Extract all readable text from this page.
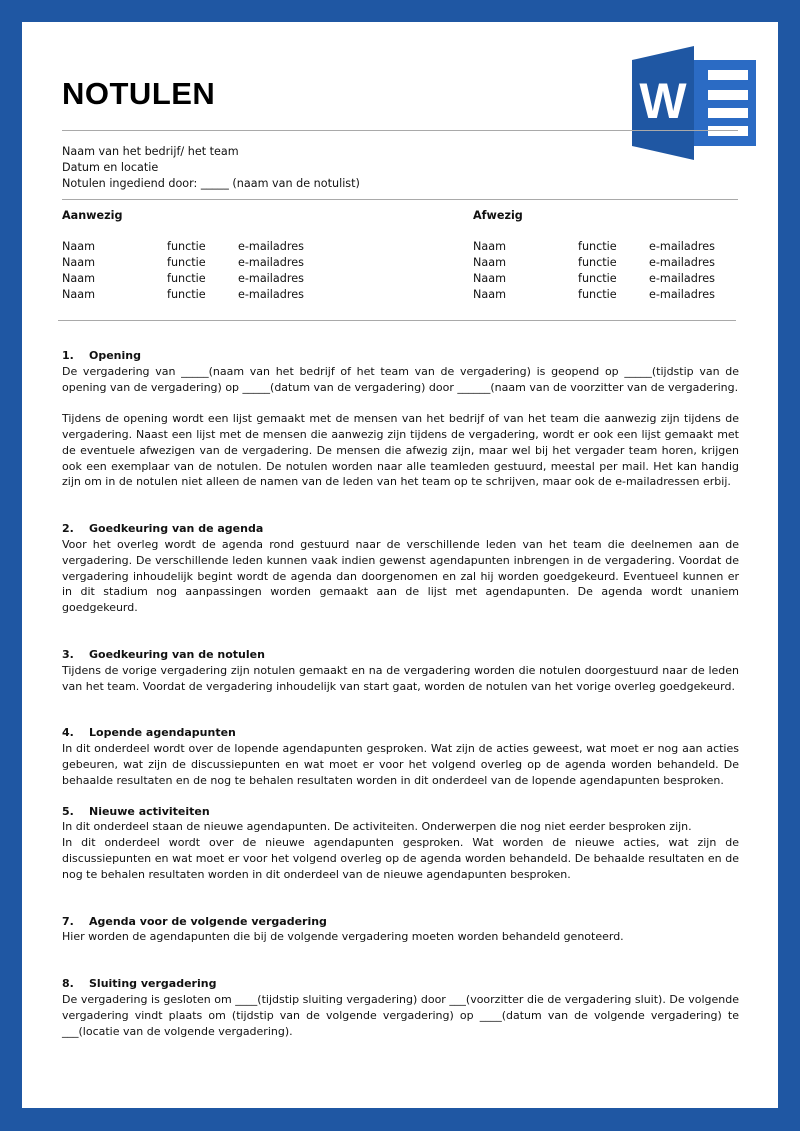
NOTULEN	W
Naam van het bedrijf/ het team
Datum en locatie
Notulen ingediend door: _____ (naam van de notulist)
Aanwezig
Naam	functie	e-mailadres
Naam	functie	e-mailadres
Naam	functie	e-mailadres
Naam	functie	e-mailadres
Afwezig
Naam	functie	e-mailadres
Naam	functie	e-mailadres
Naam	functie	e-mailadres
Naam	functie	e-mailadres
1.	Opening

De vergadering van _____(naam van het bedrijf of het team van de vergadering) is geopend op _____(tijdstip van de opening van de vergadering) op _____(datum van de vergadering) door ______(naam van de voorzitter van de vergadering.

Tijdens de opening wordt een lijst gemaakt met de mensen van het bedrijf of van het team die aanwezig zijn tijdens de vergadering. Naast een lijst met de mensen die aanwezig zijn tijdens de vergadering, wordt er ook een lijst gemaakt met de eventuele afwezigen van de vergadering. De mensen die afwezig zijn, maar wel bij het vergader team horen, krijgen ook een exemplaar van de notulen. De notulen worden naar alle teamleden gestuurd, meestal per mail. Het kan handig zijn om in de notulen niet alleen de namen van de leden van het team op te schrijven, maar ook de e-mailadressen erbij.

2.	Goedkeuring van de agenda

Voor het overleg wordt de agenda rond gestuurd naar de verschillende leden van het team die deelnemen aan de vergadering. De verschillende leden kunnen vaak indien gewenst agendapunten inbrengen in de vergadering. Voordat de vergadering inhoudelijk begint wordt de agenda dan doorgenomen en zal hij worden goedgekeurd. Eventueel kunnen er in dit stadium nog aanpassingen worden gemaakt aan de lijst met agendapunten. De agenda wordt unaniem goedgekeurd.

3.	Goedkeuring van de notulen

Tijdens de vorige vergadering zijn notulen gemaakt en na de vergadering worden die notulen doorgestuurd naar de leden van het team. Voordat de vergadering inhoudelijk van start gaat, worden de notulen van het vorige overleg goedgekeurd.

4.	Lopende agendapunten

In dit onderdeel wordt over de lopende agendapunten gesproken. Wat zijn de acties geweest, wat moet er nog aan acties gebeuren, wat zijn de discussiepunten en wat moet er voor het volgend overleg op de agenda worden behandeld. De behaalde resultaten en de nog te behalen resultaten worden in dit onderdeel van de lopende agendapunten besproken.

5.	Nieuwe activiteiten

In dit onderdeel staan de nieuwe agendapunten. De activiteiten. Onderwerpen die nog niet eerder besproken zijn.

In dit onderdeel wordt over de nieuwe agendapunten gesproken. Wat worden de nieuwe acties, wat zijn de discussiepunten en wat moet er voor het volgend overleg op de agenda worden behandeld. De behaalde resultaten en de nog te behalen resultaten worden in dit onderdeel van de nieuwe agendapunten besproken.

7.	Agenda voor de volgende vergadering

Hier worden de agendapunten die bij de volgende vergadering moeten worden behandeld genoteerd.

8.	Sluiting vergadering

De vergadering is gesloten om ____(tijdstip sluiting vergadering) door ___(voorzitter die de vergadering sluit). De volgende vergadering vindt plaats om (tijdstip van de volgende vergadering) op ____(datum van de volgende vergadering) te ___(locatie van de volgende vergadering).
